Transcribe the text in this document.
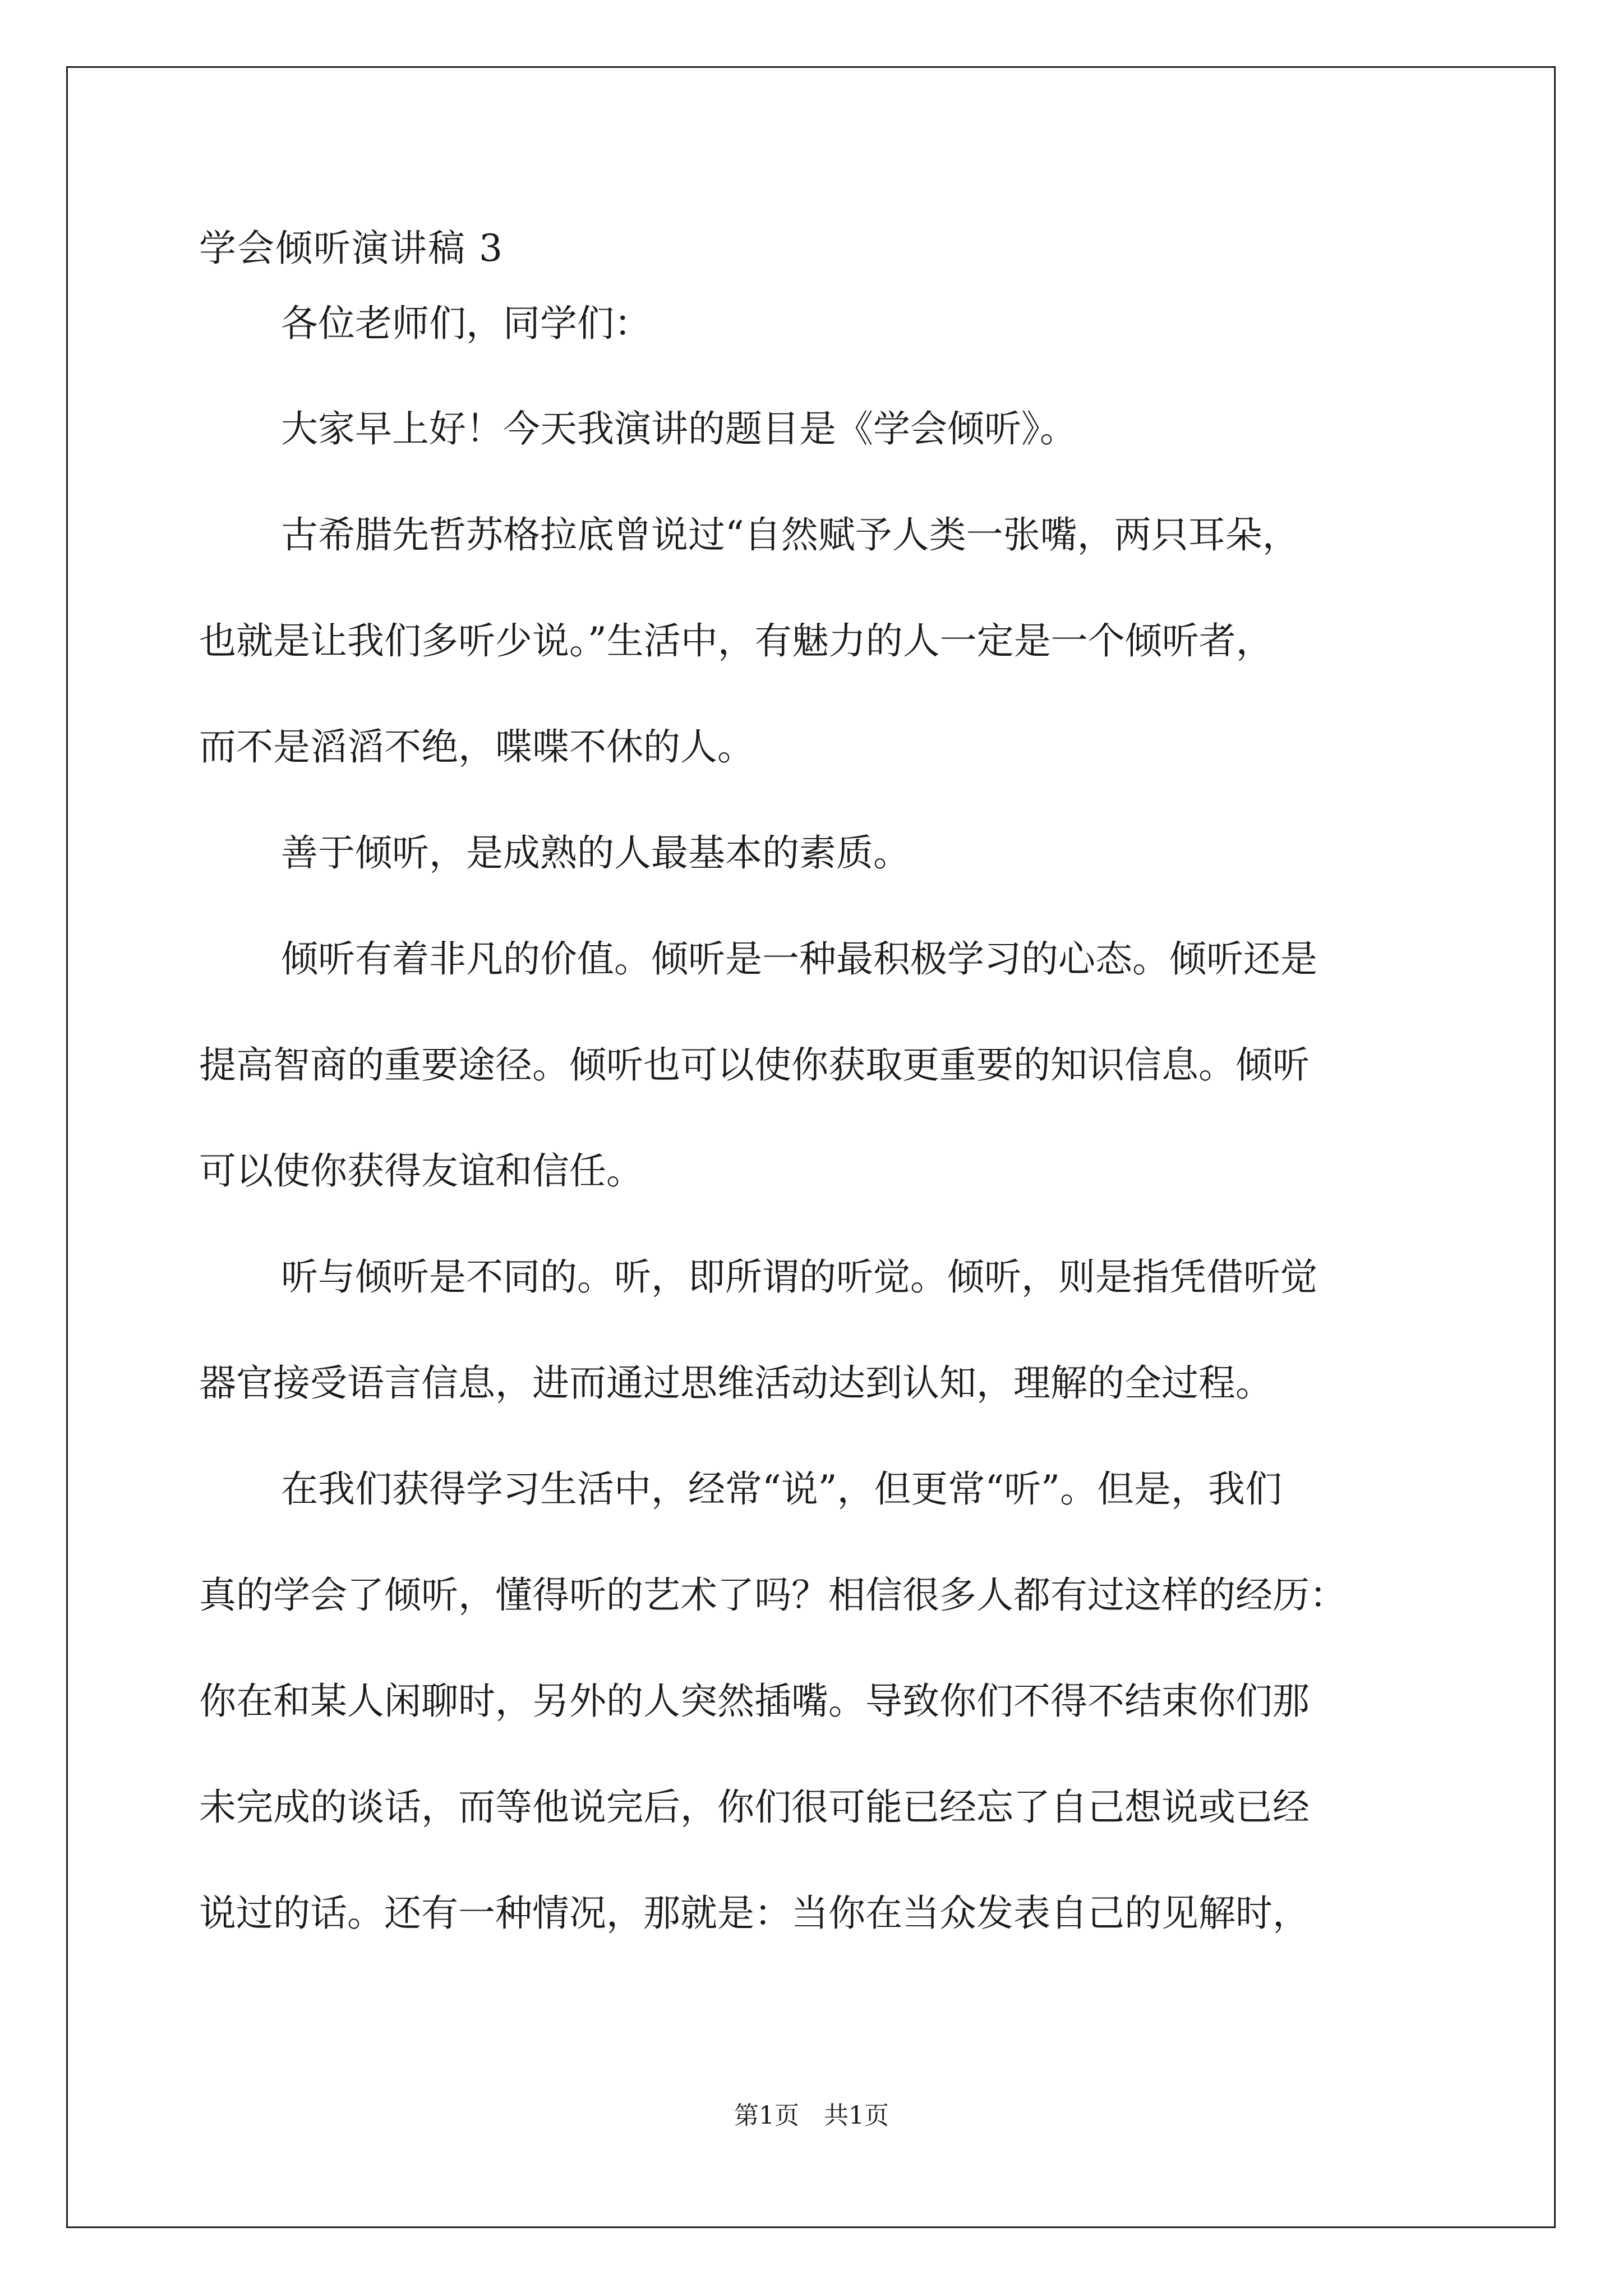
学会倾听演讲稿 3

各位老师们，同学们：

大家早上好！今天我演讲的题目是《学会倾听》。

古希腊先哲苏格拉底曾说过“自然赋予人类一张嘴，两只耳朵，

也就是让我们多听少说。”生活中，有魅力的人一定是一个倾听者，

而不是滔滔不绝，喋喋不休的人。

善于倾听，是成熟的人最基本的素质。

倾听有着非凡的价值。倾听是一种最积极学习的心态。倾听还是

提高智商的重要途径。倾听也可以使你获取更重要的知识信息。倾听

可以使你获得友谊和信任。

听与倾听是不同的。听，即所谓的听觉。倾听，则是指凭借听觉

器官接受语言信息，进而通过思维活动达到认知，理解的全过程。

在我们获得学习生活中，经常“说”，但更常“听”。但是，我们

真的学会了倾听，懂得听的艺术了吗？相信很多人都有过这样的经历：

你在和某人闲聊时，另外的人突然插嘴。导致你们不得不结束你们那

未完成的谈话，而等他说完后，你们很可能已经忘了自己想说或已经

说过的话。还有一种情况，那就是：当你在当众发表自己的见解时，

第1页 共1页
